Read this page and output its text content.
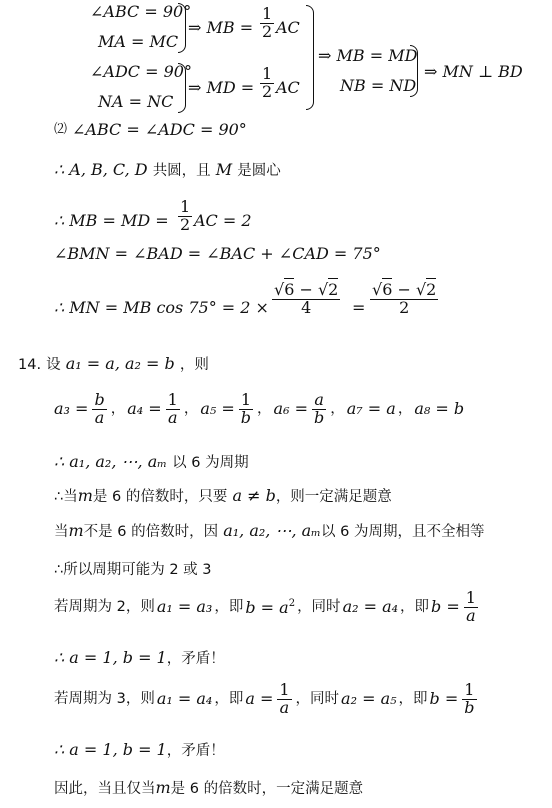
∠ABC = 90°
MA = MC
⇒ MB = $\frac{1}{2}$ AC
∠ADC = 90°
NA = NC
⇒ MD = $\frac{1}{2}$ AC
⇒ MB = MD
NB = ND
⇒ MN ⊥ BD
⑵ ∠ABC = ∠ADC = 90°
∴ A, B, C, D 共圆，且 M 是圆心
∴ MB = MD = $\frac{1}{2}$ AC = 2
∠BMN = ∠BAD = ∠BAC + ∠CAD = 75°
∴ MN = MB $\cos 75^\circ = 2 \times \frac{√6 - √2}{4} = \frac{√6 - √2}{2}$
14. 设 a₁ = a, a₂ = b ，则
$a_3 = \frac{b}{a}$ ， $a_4 = \frac{1}{a}$ ， $a_5 = \frac{1}{b}$ ， $a_6 = \frac{a}{b}$ ， a₇ = a ， a₈ = b
∴ a₁, a₂, ⋯, aₘ 以 6 为周期
∴当m是 6 的倍数时，只要 a ≠ b，则一定满足题意
当m不是 6 的倍数时，因 a₁, a₂, ⋯, aₘ以 6 为周期，且不全相等
∴所以周期可能为 2 或 3
若周期为 2，则 a₁ = a₃ ，即 $b = a^2$ ，同时 a₂ = a₄ ，即 $b = \frac{1}{a}$
∴ a = 1, b = 1，矛盾！
若周期为 3，则 a₁ = a₄ ，即 $a = \frac{1}{a}$ ，同时 a₂ = a₅ ，即 $b = \frac{1}{b}$
∴ a = 1, b = 1，矛盾！
因此，当且仅当m是 6 的倍数时，一定满足题意
